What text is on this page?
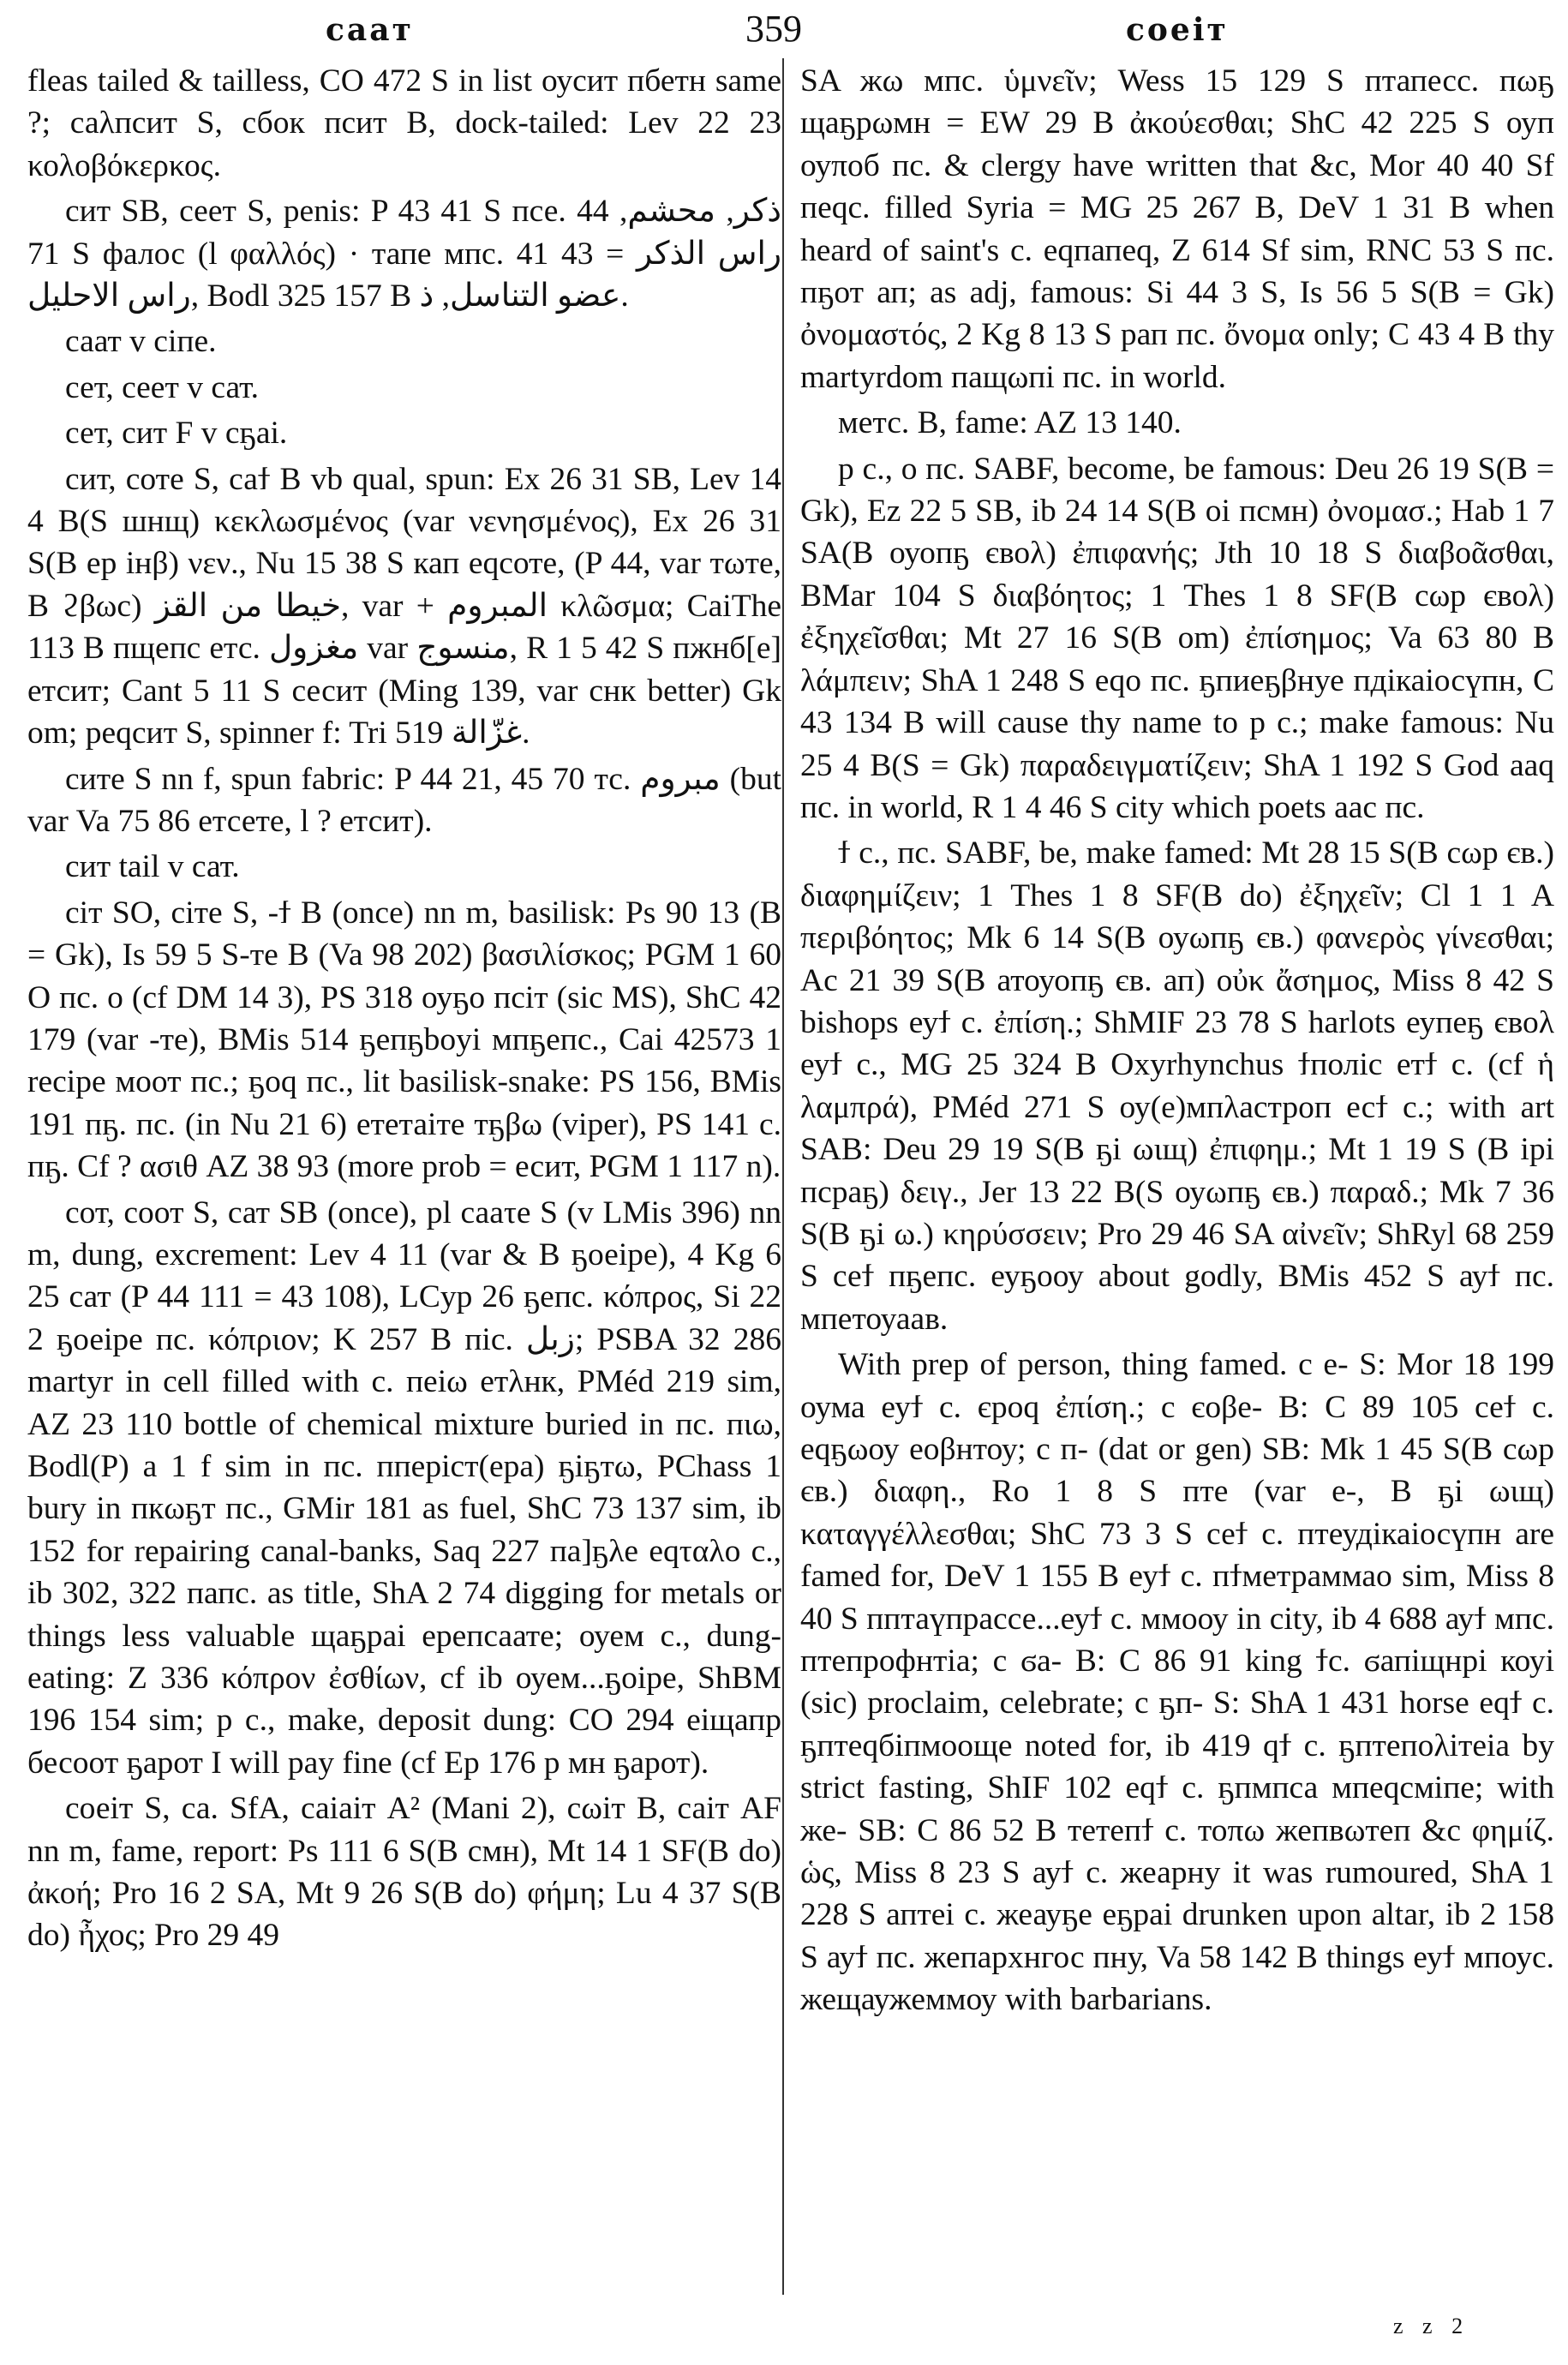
саат	359	соеіт

fleas tailed & tailless, CO 472 S in list оусит пбетн same ?; саλпсит S, сбок псит B, dock-tailed: Lev 22 23 κολοβόκερκος.

сит SB, сеет S, penis: P 43 41 S псе. ذكر, محشم, 44 71 S фалос (l φαλλός) · тапе мпс. راس الذكر = 43 41 راس الاحليل, Bodl 325 157 B عضو التناسل, ذ.

саат v сіпе.

сет, сеет v сат.

сет, сит F v сҕаі.

сит, соте S, саϯ B vb qual, spun: Ex 26 31 SB, Lev 14 4 B(S шнщ) κεκλωσμένος (var νενησμένος), Ex 26 31 S(B ер інβ) νεν., Nu 15 38 S кап еqсоте, (P 44, var тωте, B ϩβωс) خيطا من القز, var + المبروم κλῶσμα; CaiThe 113 B пщепс етс. مغزول var منسوج, R 1 5 42 S пжнб[е] етсит; Cant 5 11 S сесит (Ming 139, var снк better) Gk om; реqсит S, spinner f: Tri 519 غزّالة.

сите S nn f, spun fabric: P 44 21, 45 70 тс. مبروم (but var Va 75 86 етсете, l ? етсит).

сит tail v сат.

сіт SO, сіте S, -ϯ B (once) nn m, basilisk: Ps 90 13 (B = Gk), Is 59 5 S-те B (Va 98 202) βασιλίσκος; PGM 1 60 O пс. о (cf DM 14 3), PS 318 оуҕо псіт (sic MS), ShC 42 179 (var -те), BMis 514 ҕепҕboуі мпҕепс., Cai 42573 1 recipe моот пс.; ҕоq пс., lit basilisk-snake: PS 156, BMis 191 пҕ. пс. (in Nu 21 6) ететаіте тҕβω (viper), PS 141 с. пҕ. Cf ? ασιθ AZ 38 93 (more prob = есит, PGM 1 117 n).

сот, соот S, сат SB (once), pl сааτе S (v LMis 396) nn m, dung, excrement: Lev 4 11 (var & B ҕоеіре), 4 Kg 6 25 сат (P 44 111 = 43 108), LCyp 26 ҕепс. κόπρος, Si 22 2 ҕоеіре пс. κόπριον; K 257 B піс. زبل; PSBA 32 286 martyr in cell filled with с. пеіω етλнк, PMéd 219 sim, AZ 23 110 bottle of chemical mixture buried in пс. пιω, Bodl(P) a 1 f sim in пс. пперіст(ера) ҕіҕтω, PChass 1 bury in пкωҕт пс., GMir 181 as fuel, ShC 73 137 sim, ib 152 for repairing canal-banks, Saq 227 па]ҕλе еqταλо с., ib 302, 322 папс. as title, ShA 2 74 digging for metals or things less valuable щаҕраі ерепсаате; оуем с., dung-eating: Z 336 κόπρον ἐσθίων, cf ib оуем...ҕоіре, ShBM 196 154 sim; р с., make, deposit dung: CO 294 еіщапр бесоот ҕарот I will pay fine (cf Ep 176 р мн ҕарот).

соеіт S, са. SfA, саіаіт A² (Mani 2), сωіт B, саіт AF nn m, fame, report: Ps 111 6 S(B смн), Mt 14 1 SF(B do) ἀκοή; Pro 16 2 SA, Mt 9 26 S(B do) φήμη; Lu 4 37 S(B do) ἦχος; Pro 29 49

SA жω мпс. ὑμνεῖν; Wess 15 129 S птапесс. пωҕ щаҕрωмн = EW 29 B ἀκούεσθαι; ShC 42 225 S оуп оуποб пс. & clergy have written that &c, Mor 40 40 Sf пеqс. filled Syria = MG 25 267 B, DeV 1 31 B when heard of saint's с. еqпапеq, Z 614 Sf sim, RNC 53 S пс. пҕот ап; as adj, famous: Si 44 3 S, Is 56 5 S(B = Gk) ὀνομαστός, 2 Kg 8 13 S рап пс. ὄνομα only; C 43 4 B thy martyrdom пащωпі пс. in world.

метс. B, fame: AZ 13 140.

р с., о пс. SABF, become, be famous: Deu 26 19 S(B = Gk), Ez 22 5 SB, ib 24 14 S(B оі псмн) ὀνομασ.; Hab 1 7 SA(B оуопҕ євоλ) ἐπιφανής; Jth 10 18 S διαβοᾶσθαι, BMar 104 S διαβόητος; 1 Thes 1 8 SF(B сωр євоλ) ἐξηχεῖσθαι; Mt 27 16 S(B om) ἐπίσημος; Va 63 80 B λάμπειν; ShA 1 248 S еqо пс. ҕпиеҕβнуе пдікаіосүпн, C 43 134 B will cause thy name to р с.; make famous: Nu 25 4 B(S = Gk) παραδειγματίζειν; ShA 1 192 S God ааq пс. in world, R 1 4 46 S city which poets аас пс.

ϯ с., пс. SABF, be, make famed: Mt 28 15 S(B сωр єв.) διαφημίζειν; 1 Thes 1 8 SF(B do) ἐξηχεῖν; Cl 1 1 A περιβόητος; Mk 6 14 S(B оуωпҕ єв.) φανερὸς γίνεσθαι; Ac 21 39 S(B атоуопҕ єв. ап) οὐκ ἄσημος, Miss 8 42 S bishops еуϯ с. ἐπίση.; ShMIF 23 78 S harlots еупеҕ євоλ еуϯ с., MG 25 324 B Oxyrhynchus ϯполіс етϯ с. (cf ἡ λαμπρά), PMéd 271 S оу(е)мпλастрοп есϯ с.; with art SAB: Deu 29 19 S(B ҕі ωιщ) ἐπιφημ.; Mt 1 19 S (B ірі псраҕ) δειγ., Jer 13 22 B(S оуωпҕ єв.) παραδ.; Mk 7 36 S(B ҕі ω.) κηρύσσειν; Pro 29 46 SA αἰνεῖν; ShRyl 68 259 S сеϯ пҕепс. еуҕооу about godly, BMis 452 S ауϯ пс. мпетоуаав.

With prep of person, thing famed. с е- S: Mor 18 199 оума еуϯ с. єроq ἐπίση.; с єоβе- B: C 89 105 сеϯ с. еqҕωоу еоβнтоу; с п- (dat or gen) SB: Mk 1 45 S(B сωр єв.) διαφη., Ro 1 8 S пте (var е-, B ҕі ωιщ) καταγγέλλεσθαι; ShC 73 3 S сеϯ с. птеудікаіосүпн are famed for, DeV 1 155 B еуϯ с. пϯметраммао sim, Miss 8 40 S пптаүпрассе...еуϯ с. ммооу in city, ib 4 688 ауϯ мпс. птепрофнтіа; с ϭа- B: C 86 91 king ϯс. ϭапіщнрі коуі (sic) proclaim, celebrate; с ҕп- S: ShA 1 431 horse еqϯ с. ҕптеqбіпмооще noted for, ib 419 qϯ с. ҕптепоλітеіа by strict fasting, ShIF 102 еqϯ с. ҕпмпса мпеqсміпе; with же- SB: C 86 52 B тетепϯ с. тоπω жепвωтеп &c φημίζ. ὡς, Miss 8 23 S ауϯ с. жеарну it was rumoured, ShA 1 228 S аптеі с. жеауҕе еҕраі drunken upon altar, ib 2 158 S ауϯ пс. жепархнгос пну, Va 58 142 B things еуϯ мпоус. жещаужеммоу with barbarians.

z z 2
